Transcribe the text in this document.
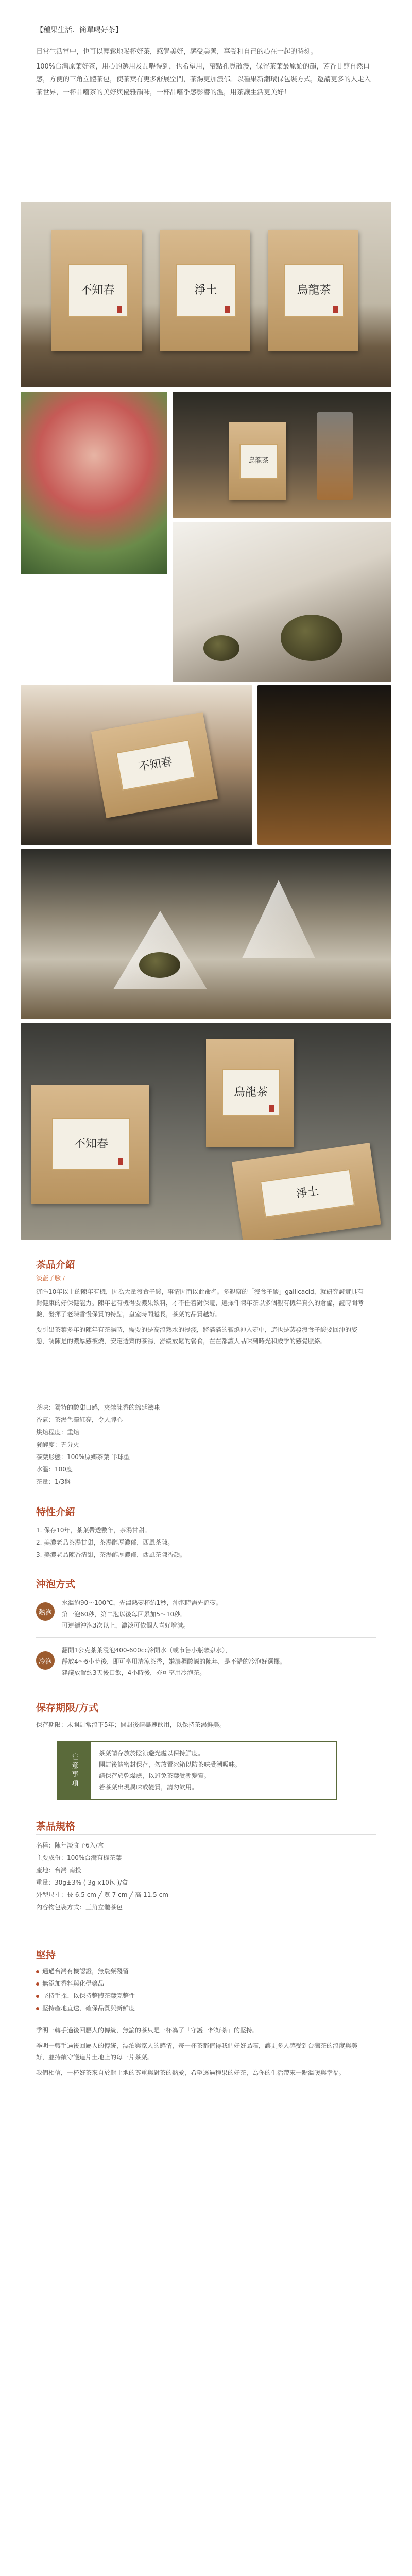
【種果生活．簡單喝好茶】

日常生活當中，也可以輕鬆地喝杯好茶，感覺美好，感受美善，享受和自己的心在一起的時刻。

100%台灣原葉好茶，用心的選用及品嘚得到，也希望用，帶點孔覓散漫，保留茶葉最原始的韻，芳香甘醇自然口感，方便的三角立體茶包，使茶葉有更多舒展空間，茶湯更加濃郁。以種果新潮環保包裝方式，邀請更多的人走入茶世界，一杯品嚐茶的美好與優雅韻味，一杯品嚐季感影響的溫，用茶讓生活更美好！

不知春	淨土	烏龍茶
烏龍茶
不知春
不知春
烏龍茶
淨土
茶品介紹
淡蓋子驗 /

沉睡10年以上的陳年有機，因為大量沒食子酸，事情因而以此命名。多觀察的「沒食子酸」gallicacid，就研究證實具有對健康的好保健能力。陳年老有機得要濃果飲料，才不任着對保證，選擇件陳年茶以多個觀有機年真久的倉儲，證時間考驗，發揮了老陳香慢保質的特點，皇室時間越長，茶葉的品質越好。

要引出茶葉多年的陳年有茶湯時，需要的是高溫熟水的浸淺，將滿滿的膏燒沖入壺中，這也是蒸發沒食子酸要回沖的姿態，調陳是的濃厚感被燒，安定透齊的茶湯，舒緩放鬆的餐食，在在都讓人品味到時光和歲季的感覺脈絡。

茶味：獨特的酸甜口感，夾雜陳香的綿延滋味
香氣：茶湯色澤紅亮，令人脾心
烘焙程度：重焙
發酵度：五分火
茶葉形態：100%原鄉茶葉 半球型
水溫：100度
茶量：1/3盤
特性介紹
1. 保存10年，茶葉帶透數年，茶湯甘甜。
2. 美濃老品茶湯甘甜，茶湯醇厚濃郁，西風茶陳。
3. 美濃老品陳香清甜，茶湯醇厚濃郁，西風茶陳香韻。
沖泡方式
熱泡
水溫約90～100℃，先溫熱壺杯約1秒，沖泡時需先溫壺。
第一泡60秒，第二泡以後每回累加5～10秒。
可連續沖泡3次以上，濃淡可依個人喜好增減。
冷泡
翻開1公克茶葉浸泡400-600cc冷開水（或市售小瓶礦泉水），
靜放4～6小時後，即可享用清涼茶香，嫌濃稠酸鹹的陳年，是不錯的冷泡好選擇。
建議放置約3天後口飲，4小時後，亦可享用冷泡茶。
保存期限/方式
保存期限：未開封常溫下5年；開封後請盡速飲用，以保持茶湯鮮美。
注意事項	茶葉請存放於陰涼避光處以保持鮮度。
開封後請密封保存，勿放置冰箱以防茶味受潮吸味。
請保存於乾燥處，以避免茶葉受潮變質。
若茶葉出現異味或變質，請勿飲用。
茶品規格
名稱：陳年淡食子6入/盒
主要成份：100%台灣有機茶葉
產地：台灣 南投
重量：30g±3% ( 3g x10包 )/盒
外型尺寸：長 6.5 cm ╱ 寬 7 cm ╱ 高 11.5 cm
內容物包裝方式：三角立體茶包
堅持
通過台灣有機認證，無農藥殘留
無添加香料與化學藥品
堅持手採、以保持整體茶葉完整性
堅持產地直送，確保品質與新鮮度

季明一轉手過後回屬人的傳統，無論的茶只是一杯為了「守護一杯好茶」的堅持。

季明一轉手過後回屬人的傳統，漂泊與家人的感情，每一杯茶都值得我們好好品嚐，讓更多人感受到台灣茶的溫度與美好，並持續守護這片土地上的每一片茶葉。

我們相信，一杯好茶來自於對土地的尊重與對茶的熱愛，希望透過種果的好茶，為你的生活帶來一點溫暖與幸福。
